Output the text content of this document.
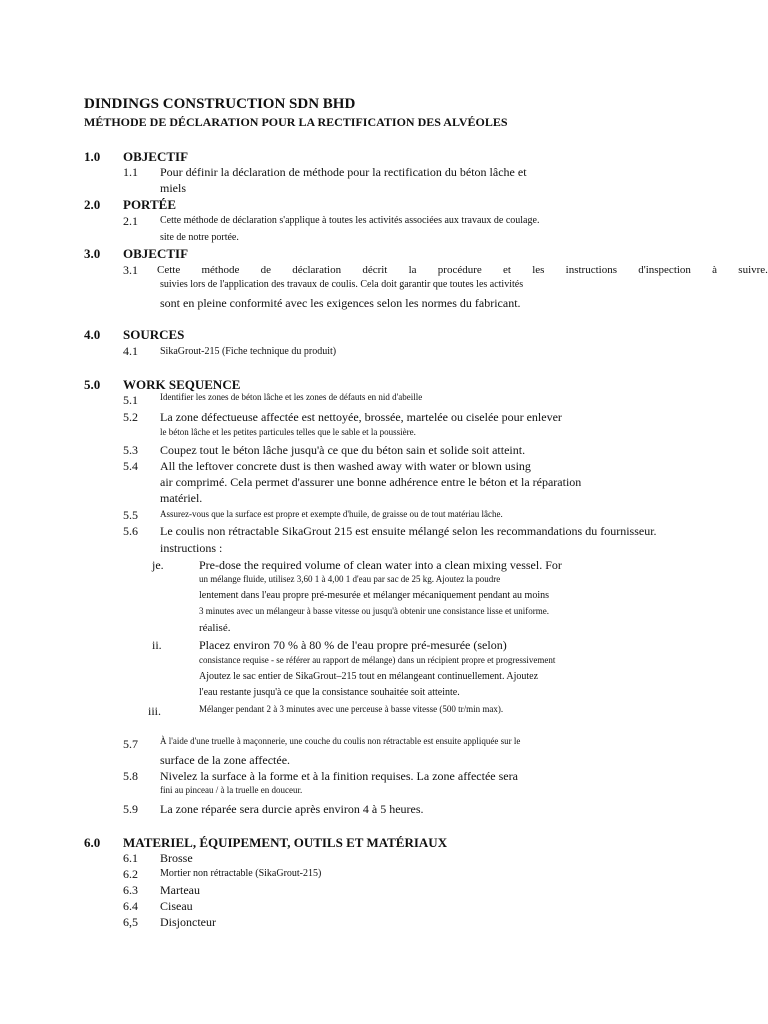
DINDINGS CONSTRUCTION SDN BHD
MÉTHODE DE DÉCLARATION POUR LA RECTIFICATION DES ALVÉOLES
1.0 OBJECTIF
1.1 Pour définir la déclaration de méthode pour la rectification du béton lâche et
miels
2.0 PORTÉE
2.1 Cette méthode de déclaration s'applique à toutes les activités associées aux travaux de coulage.
site de notre portée.
3.0 OBJECTIF
3.1 Cette méthode de déclaration décrit la procédure et les instructions d'inspection à suivre.
suivies lors de l'application des travaux de coulis. Cela doit garantir que toutes les activités
sont en pleine conformité avec les exigences selon les normes du fabricant.
4.0 SOURCES
4.1 SikaGrout-215 (Fiche technique du produit)
5.0 WORK SEQUENCE
5.1 Identifier les zones de béton lâche et les zones de défauts en nid d'abeille
5.2 La zone défectueuse affectée est nettoyée, brossée, martelée ou ciselée pour enlever
le béton lâche et les petites particules telles que le sable et la poussière.
5.3 Coupez tout le béton lâche jusqu'à ce que du béton sain et solide soit atteint.
5.4 All the leftover concrete dust is then washed away with water or blown using
air comprimé. Cela permet d'assurer une bonne adhérence entre le béton et la réparation
matériel.
5.5 Assurez-vous que la surface est propre et exempte d'huile, de graisse ou de tout matériau lâche.
5.6 Le coulis non rétractable SikaGrout 215 est ensuite mélangé selon les recommandations du fournisseur.
instructions :
je.	Pre-dose the required volume of clean water into a clean mixing vessel. For
un mélange fluide, utilisez 3,60 1 à 4,00 1 d'eau par sac de 25 kg. Ajoutez la poudre
lentement dans l'eau propre pré-mesurée et mélanger mécaniquement pendant au moins
3 minutes avec un mélangeur à basse vitesse ou jusqu'à obtenir une consistance lisse et uniforme.
réalisé.
ii.	Placez environ 70 % à 80 % de l'eau propre pré-mesurée (selon)
consistance requise - se référer au rapport de mélange) dans un récipient propre et progressivement
Ajoutez le sac entier de SikaGrout–215 tout en mélangeant continuellement. Ajoutez
l'eau restante jusqu'à ce que la consistance souhaitée soit atteinte.
iii.	Mélanger pendant 2 à 3 minutes avec une perceuse à basse vitesse (500 tr/min max).
5.7 À l'aide d'une truelle à maçonnerie, une couche du coulis non rétractable est ensuite appliquée sur le
surface de la zone affectée.
5.8 Nivelez la surface à la forme et à la finition requises. La zone affectée sera
fini au pinceau / à la truelle en douceur.
5.9 La zone réparée sera durcie après environ 4 à 5 heures.
6.0 MATERIEL, ÉQUIPEMENT, OUTILS ET MATÉRIAUX
6.1 Brosse
6.2 Mortier non rétractable (SikaGrout-215)
6.3 Marteau
6.4 Ciseau
6,5 Disjoncteur
